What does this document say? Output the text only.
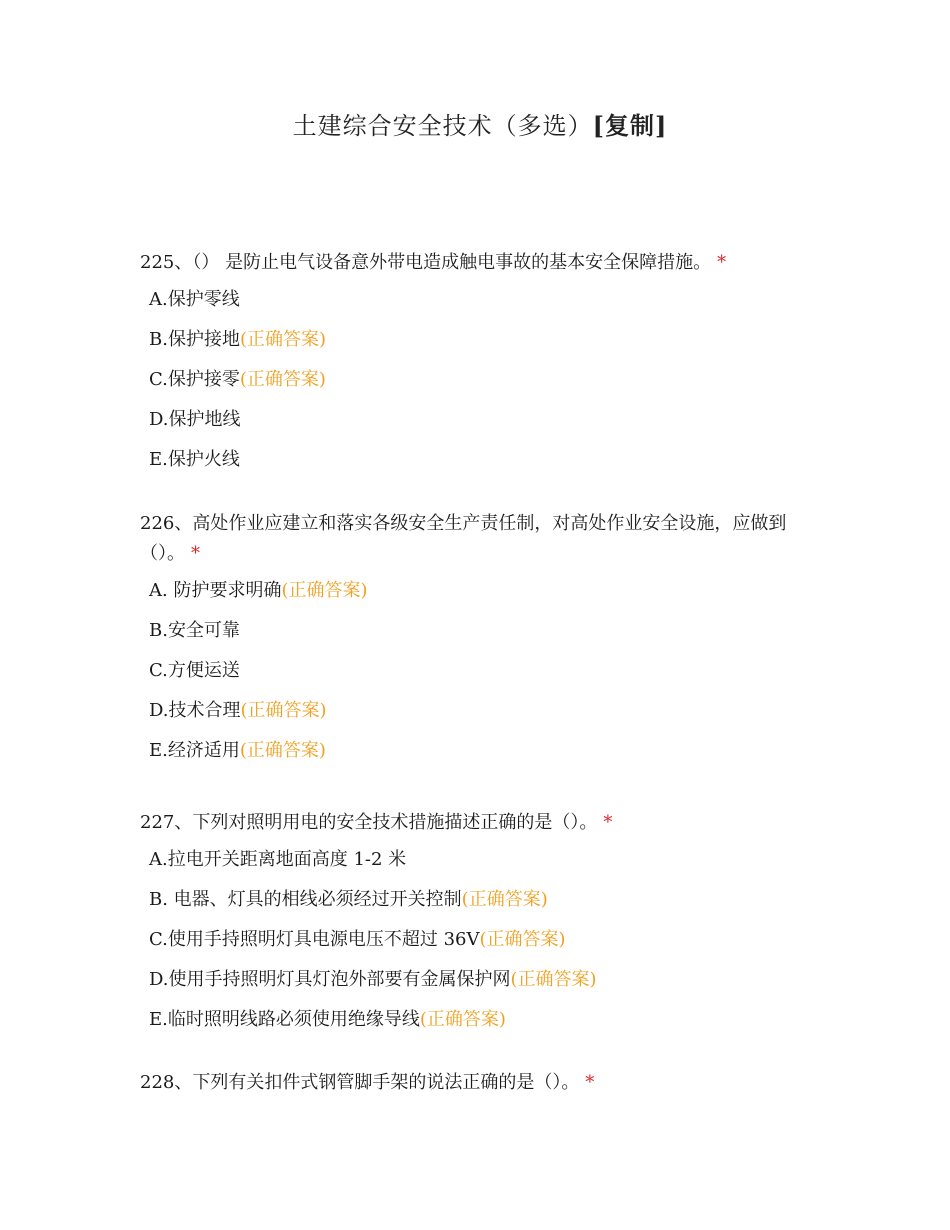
土建综合安全技术（多选）[复制]

225、（） 是防止电气设备意外带电造成触电事故的基本安全保障措施。 *

A.保护零线
B.保护接地(正确答案)
C.保护接零(正确答案)
D.保护地线
E.保护火线

226、高处作业应建立和落实各级安全生产责任制，对高处作业安全设施，应做到（）。 *

A. 防护要求明确(正确答案)
B.安全可靠
C.方便运送
D.技术合理(正确答案)
E.经济适用(正确答案)

227、下列对照明用电的安全技术措施描述正确的是（）。 *

A.拉电开关距离地面高度 1-2 米
B. 电器、灯具的相线必须经过开关控制(正确答案)
C.使用手持照明灯具电源电压不超过 36V(正确答案)
D.使用手持照明灯具灯泡外部要有金属保护网(正确答案)
E.临时照明线路必须使用绝缘导线(正确答案)

228、下列有关扣件式钢管脚手架的说法正确的是（）。 *
